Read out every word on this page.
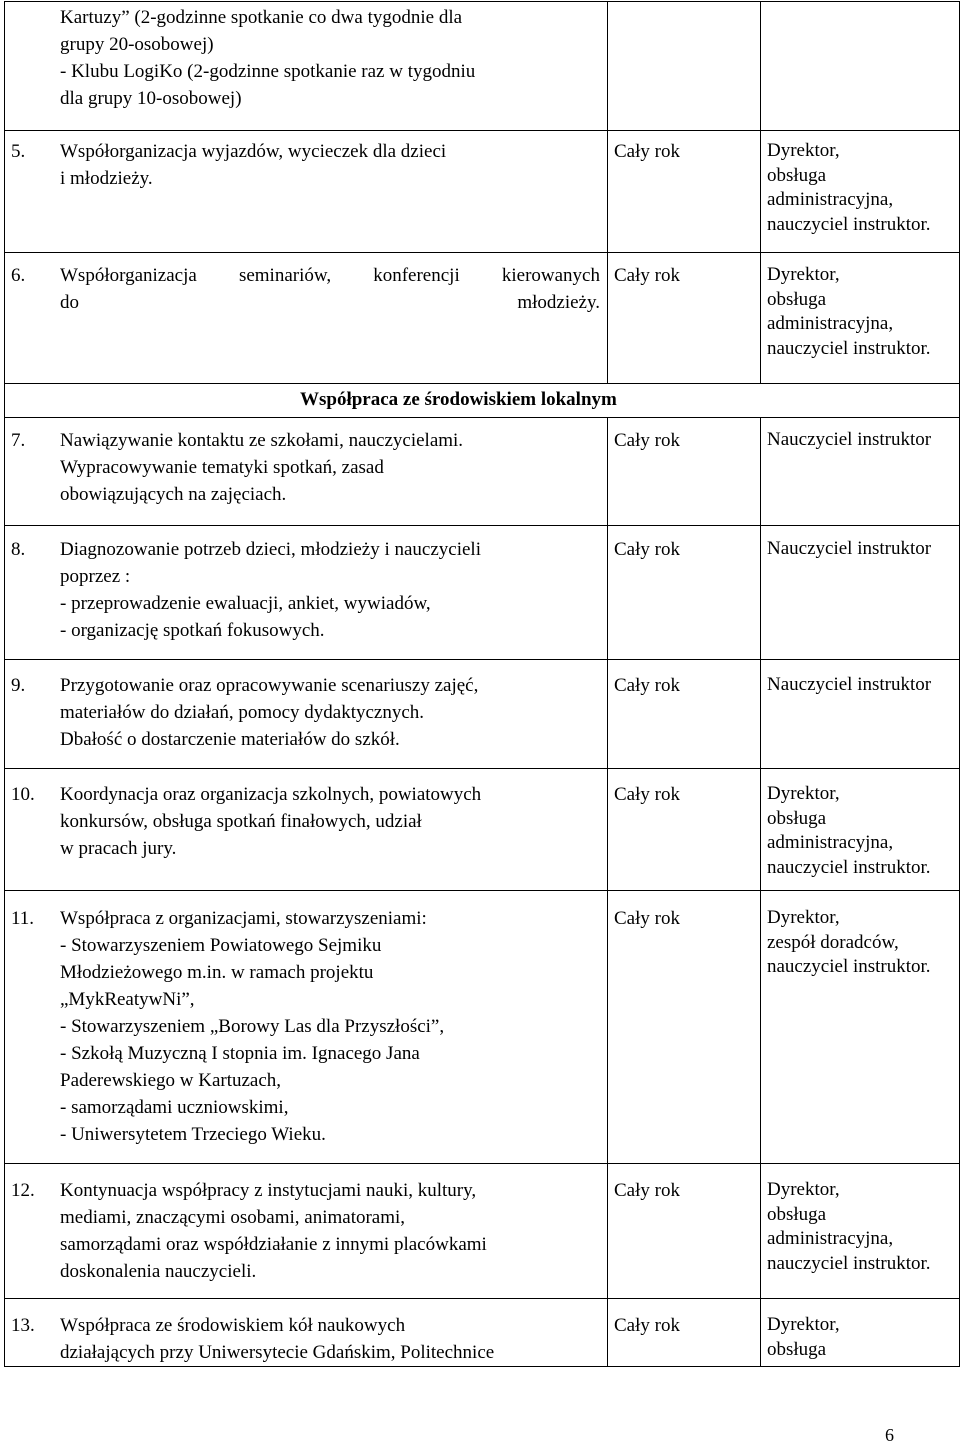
Kartuzy” (2-godzinne spotkanie co dwa tygodnie dla
grupy 20-osobowej)
- Klubu LogiKo (2-godzinne spotkanie raz w tygodniu
dla grupy 10-osobowej)
5. Współorganizacja wyjazdów, wycieczek dla dzieci
i młodzieży.
Cały rok	Dyrektor,
obsługa
administracyjna,
nauczyciel instruktor.
6. Współorganizacja seminariów, konferencji kierowanych
do młodzieży.
Cały rok	Dyrektor,
obsługa
administracyjna,
nauczyciel instruktor.
Współpraca ze środowiskiem lokalnym
7. Nawiązywanie kontaktu ze szkołami, nauczycielami.
Wypracowywanie tematyki spotkań, zasad
obowiązujących na zajęciach.
Cały rok	Nauczyciel instruktor
8. Diagnozowanie potrzeb dzieci, młodzieży i nauczycieli
poprzez :
- przeprowadzenie ewaluacji, ankiet, wywiadów,
- organizację spotkań fokusowych.
Cały rok	Nauczyciel instruktor
9. Przygotowanie oraz opracowywanie scenariuszy zajęć,
materiałów do działań, pomocy dydaktycznych.
Dbałość o dostarczenie materiałów do szkół.
Cały rok	Nauczyciel instruktor
10. Koordynacja oraz organizacja szkolnych, powiatowych
konkursów, obsługa spotkań finałowych, udział
w pracach jury.
Cały rok	Dyrektor,
obsługa
administracyjna,
nauczyciel instruktor.
11. Współpraca z organizacjami, stowarzyszeniami:
- Stowarzyszeniem Powiatowego Sejmiku
Młodzieżowego m.in. w ramach projektu
„MykReatywNi”,
- Stowarzyszeniem „Borowy Las dla Przyszłości”,
- Szkołą Muzyczną I stopnia im. Ignacego Jana
Paderewskiego w Kartuzach,
- samorządami uczniowskimi,
- Uniwersytetem Trzeciego Wieku.
Cały rok	Dyrektor,
zespół doradców,
nauczyciel instruktor.
12. Kontynuacja współpracy z instytucjami nauki, kultury,
mediami, znaczącymi osobami, animatorami,
samorządami oraz współdziałanie z innymi placówkami
doskonalenia nauczycieli.
Cały rok	Dyrektor,
obsługa
administracyjna,
nauczyciel instruktor.
13. Współpraca ze środowiskiem kół naukowych
działających przy Uniwersytecie Gdańskim, Politechnice
Cały rok	Dyrektor,
obsługa
6
